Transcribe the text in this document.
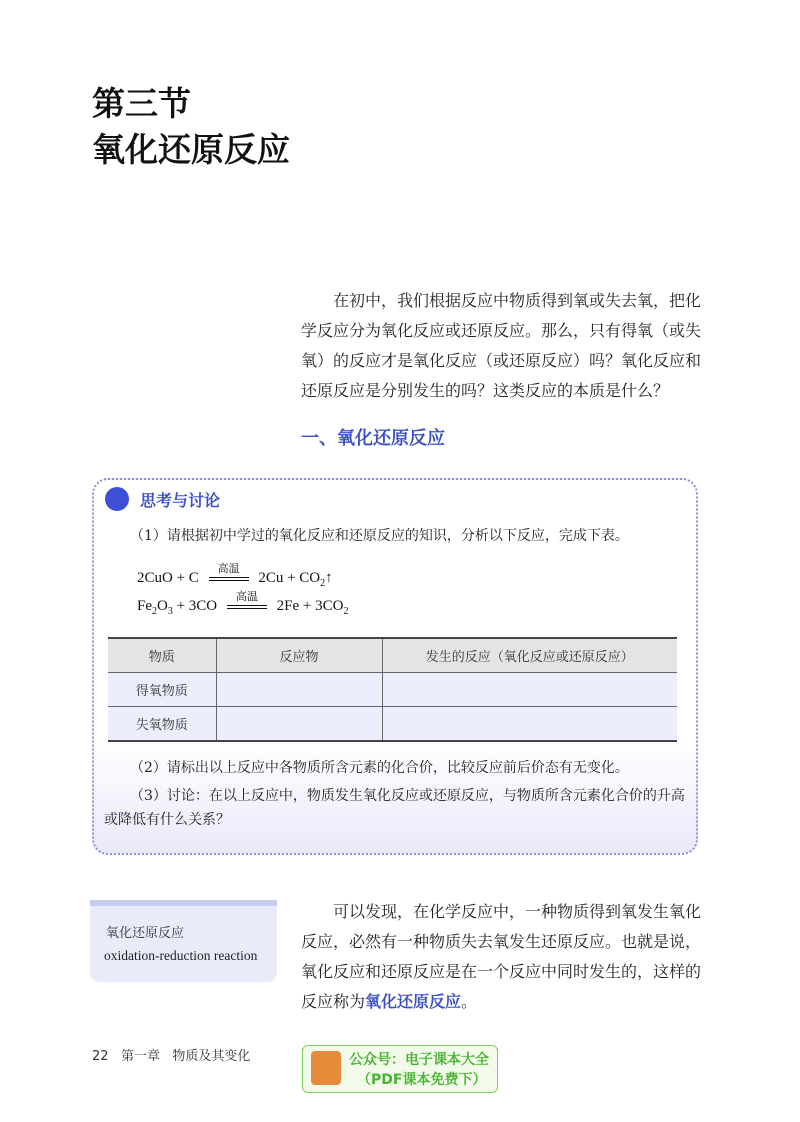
第三节
氧化还原反应
在初中，我们根据反应中物质得到氧或失去氧，把化学反应分为氧化反应或还原反应。那么，只有得氧（或失氧）的反应才是氧化反应（或还原反应）吗？氧化反应和还原反应是分别发生的吗？这类反应的本质是什么？
一、氧化还原反应
思考与讨论
（1）请根据初中学过的氧化反应和还原反应的知识，分析以下反应，完成下表。
2CuO + C
高温
$2Cu + CO_2↑$
$Fe_2O_3 + 3CO$
高温
$2Fe + 3CO_2$
物质	反应物	发生的反应（氧化反应或还原反应）
得氧物质		
失氧物质		
（2）请标出以上反应中各物质所含元素的化合价，比较反应前后价态有无变化。
（3）讨论：在以上反应中，物质发生氧化反应或还原反应，与物质所含元素化合价的升高或降低有什么关系？
氧化还原反应
oxidation-reduction reaction
可以发现，在化学反应中，一种物质得到氧发生氧化反应，必然有一种物质失去氧发生还原反应。也就是说，氧化反应和还原反应是在一个反应中同时发生的，这样的反应称为氧化还原反应。
22 第一章 物质及其变化	公众号：电子课本大全
（PDF课本免费下）
